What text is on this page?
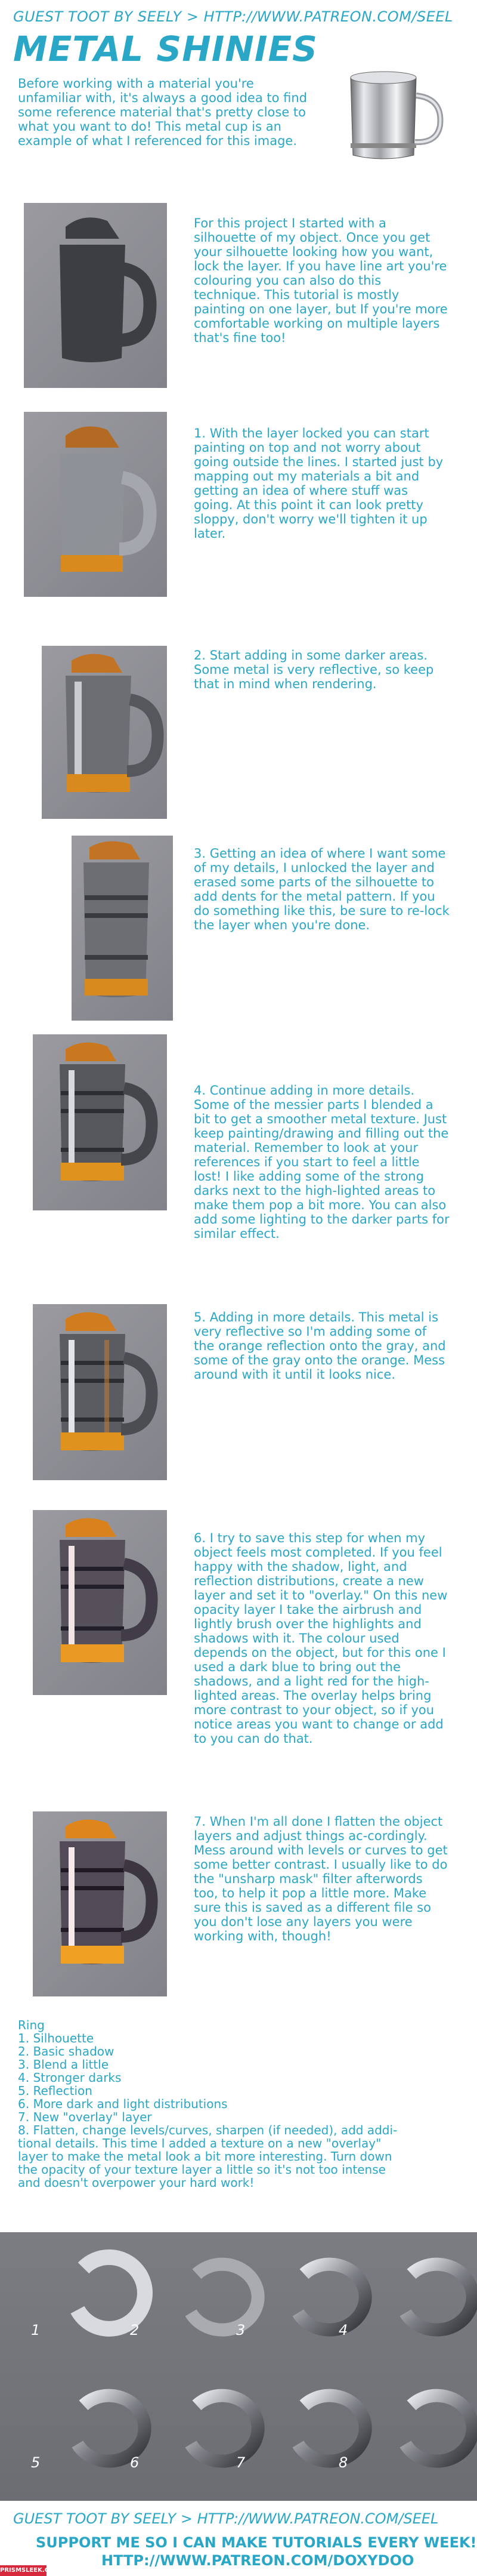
GUEST TOOT BY SEELY > HTTP://WWW.PATREON.COM/SEEL
METAL SHINIES
Before working with a material you're unfamiliar with, it's always a good idea to find some reference material that's pretty close to what you want to do! This metal cup is an example of what I referenced for this image.
For this project I started with a silhouette of my object. Once you get your silhouette looking how you want, lock the layer. If you have line art you're colouring you can also do this technique. This tutorial is mostly painting on one layer, but If you're more comfortable working on multiple layers that's fine too!
1. With the layer locked you can start painting on top and not worry about going outside the lines. I started just by mapping out my materials a bit and getting an idea of where stuff was going. At this point it can look pretty sloppy, don't worry we'll tighten it up later.
2. Start adding in some darker areas. Some metal is very reflective, so keep that in mind when rendering.
3. Getting an idea of where I want some of my details, I unlocked the layer and erased some parts of the silhouette to add dents for the metal pattern. If you do something like this, be sure to re-lock the layer when you're done.
4. Continue adding in more details. Some of the messier parts I blended a bit to get a smoother metal texture. Just keep painting/drawing and filling out the material. Remember to look at your references if you start to feel a little lost! I like adding some of the strong darks next to the high-lighted areas to make them pop a bit more. You can also add some lighting to the darker parts for similar effect.
5. Adding in more details. This metal is very reflective so I'm adding some of the orange reflection onto the gray, and some of the gray onto the orange. Mess around with it until it looks nice.
6. I try to save this step for when my object feels most completed. If you feel happy with the shadow, light, and reflection distributions, create a new layer and set it to "overlay." On this new opacity layer I take the airbrush and lightly brush over the highlights and shadows with it. The colour used depends on the object, but for this one I used a dark blue to bring out the shadows, and a light red for the high-lighted areas. The overlay helps bring more contrast to your object, so if you notice areas you want to change or add to you can do that.
7. When I'm all done I flatten the object layers and adjust things ac-cordingly. Mess around with levels or curves to get some better contrast. I usually like to do the "unsharp mask" filter afterwords too, to help it pop a little more. Make sure this is saved as a different file so you don't lose any layers you were working with, though!
Ring
1. Silhouette
2. Basic shadow
3. Blend a little
4. Stronger darks
5. Reflection
6. More dark and light distributions
7. New "overlay" layer
8. Flatten, change levels/curves, sharpen (if needed), add addi-
tional details. This time I added a texture on a new "overlay"
layer to make the metal look a bit more interesting. Turn down
the opacity of your texture layer a little so it's not too intense
and doesn't overpower your hard work!
1	2	3	4
5	6	7	8
GUEST TOOT BY SEELY > HTTP://WWW.PATREON.COM/SEEL
SUPPORT ME SO I CAN MAKE TUTORIALS EVERY WEEK!
HTTP://WWW.PATREON.COM/DOXYDOO
PRISMSLEEK.COM
